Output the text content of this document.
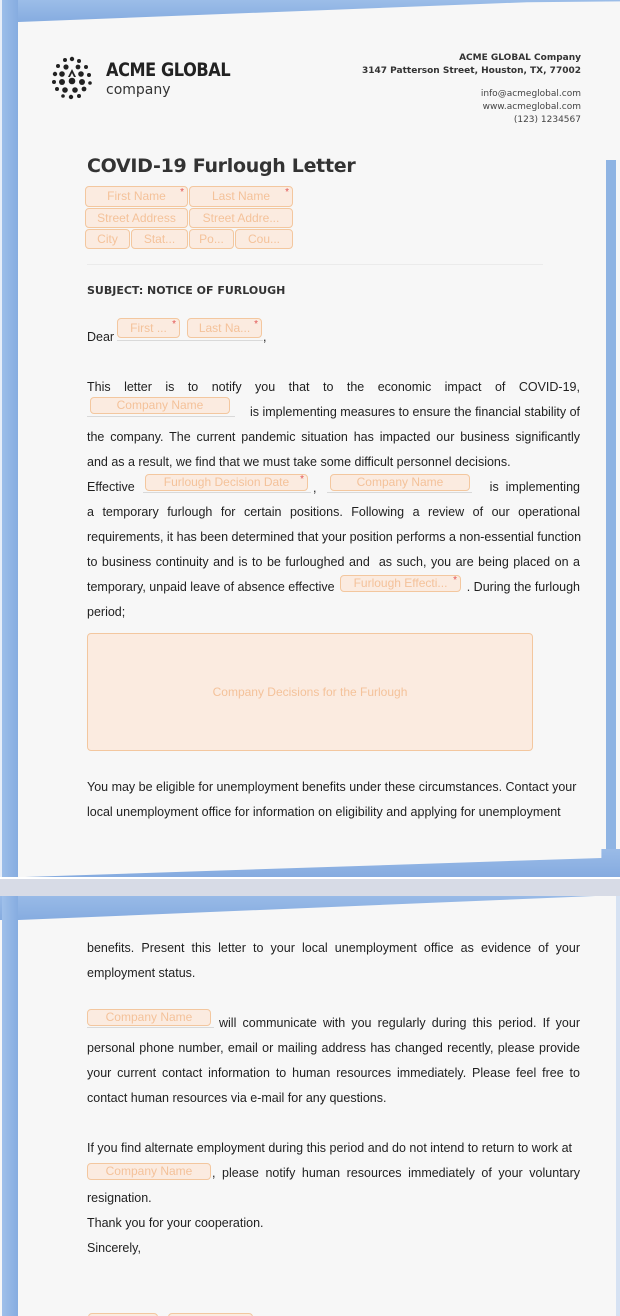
ACME GLOBAL
company
ACME GLOBAL Company
3147 Patterson Street, Houston, TX, 77002
info@acmeglobal.com
www.acmeglobal.com
(123) 1234567
COVID-19 Furlough Letter
First Name *	Last Name *
Street Address	Street Addre...
City	Stat...	Po...	Cou...
SUBJECT: NOTICE OF FURLOUGH
Dear
First ... *	Last Na... *
,
This letter is to notify you that to the economic impact of COVID-19,
Company Name	is implementing measures to ensure the financial stability of
the company. The current pandemic situation has impacted our business significantly
and as a result, we find that we must take some difficult personnel decisions.
Effective	Furlough Decision Date *
,	Company Name	is  implementing
a temporary furlough for certain positions. Following a review of our operational
requirements, it has been determined that your position performs a non-essential function
to business continuity and is to be furloughed and  as such, you are being placed on a
temporary, unpaid leave of absence effective	Furlough Effecti... * . During the furlough
period;
Company Decisions for the Furlough
You may be eligible for unemployment benefits under these circumstances. Contact your
local unemployment office for information on eligibility and applying for unemployment
benefits. Present this letter to your local unemployment office as evidence of your
employment status.
Company Name	will communicate with you regularly during this period. If your
personal phone number, email or mailing address has changed recently, please provide
your current contact information to human resources immediately. Please feel free to
contact human resources via e-mail for any questions.
If you find alternate employment during this period and do not intend to return to work at
Company Name	, please notify human resources immediately of your voluntary
resignation.
Thank you for your cooperation.
Sincerely,
